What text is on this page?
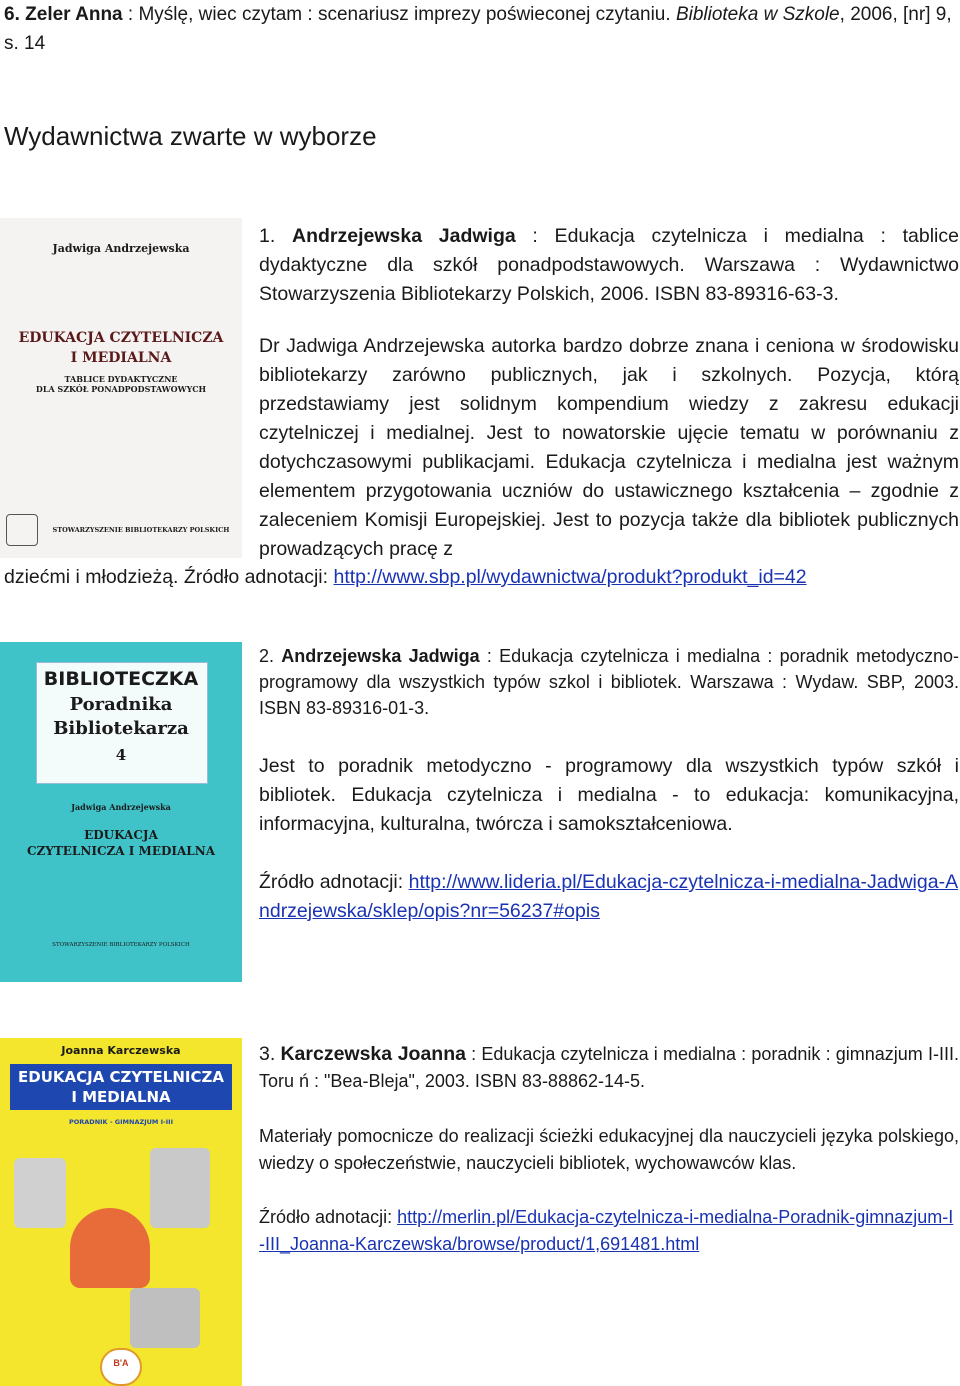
6. Zeler Anna : Myślę, wiec czytam : scenariusz imprezy poświeconej czytaniu. Biblioteka w Szkole, 2006, [nr] 9, s. 14
Wydawnictwa zwarte w wyborze
Jadwiga Andrzejewska
EDUKACJA CZYTELNICZA
I MEDIALNA
TABLICE DYDAKTYCZNE
DLA SZKÓŁ PONADPODSTAWOWYCH
STOWARZYSZENIE BIBLIOTEKARZY POLSKICH
1. Andrzejewska Jadwiga : Edukacja czytelnicza i medialna : tablice dydaktyczne dla szkół ponadpodstawowych. Warszawa : Wydawnictwo Stowarzyszenia Bibliotekarzy Polskich, 2006. ISBN 83-89316-63-3.
Dr Jadwiga Andrzejewska autorka bardzo dobrze znana i ceniona w środowisku bibliotekarzy zarówno publicznych, jak i szkolnych. Pozycja, którą przedstawiamy jest solidnym kompendium wiedzy z zakresu edukacji czytelniczej i medialnej. Jest to nowatorskie ujęcie tematu w porównaniu z dotychczasowymi publikacjami. Edukacja czytelnicza i medialna jest ważnym elementem przygotowania uczniów do ustawicznego kształcenia – zgodnie z zaleceniem Komisji Europejskiej. Jest to pozycja także dla bibliotek publicznych prowadzących pracę z
dziećmi i młodzieżą. Źródło adnotacji: http://www.sbp.pl/wydawnictwa/produkt?produkt_id=42
BIBLIOTECZKA
Poradnika
Bibliotekarza
4
Jadwiga Andrzejewska
EDUKACJA
CZYTELNICZA I MEDIALNA
STOWARZYSZENIE BIBLIOTEKARZY POLSKICH
2. Andrzejewska Jadwiga : Edukacja czytelnicza i medialna : poradnik metodyczno-programowy dla wszystkich typów szkol i bibliotek. Warszawa : Wydaw. SBP, 2003. ISBN 83-89316-01-3.
Jest to poradnik metodyczno - programowy dla wszystkich typów szkół i bibliotek. Edukacja czytelnicza i medialna - to edukacja: komunikacyjna, informacyjna, kulturalna, twórcza i samokształceniowa.
Źródło adnotacji: http://www.lideria.pl/Edukacja-czytelnicza-i-medialna-Jadwiga-Andrzejewska/sklep/opis?nr=56237#opis
Joanna Karczewska
EDUKACJA CZYTELNICZA
I MEDIALNA
PORADNIK - GIMNAZJUM I-III
B'A
3. Karczewska Joanna : Edukacja czytelnicza i medialna : poradnik : gimnazjum I-III. Toru ń : "Bea-Bleja", 2003. ISBN 83-88862-14-5.
Materiały pomocnicze do realizacji ścieżki edukacyjnej dla nauczycieli języka polskiego, wiedzy o społeczeństwie, nauczycieli bibliotek, wychowawców klas.
Źródło adnotacji: http://merlin.pl/Edukacja-czytelnicza-i-medialna-Poradnik-gimnazjum-I-III_Joanna-Karczewska/browse/product/1,691481.html
